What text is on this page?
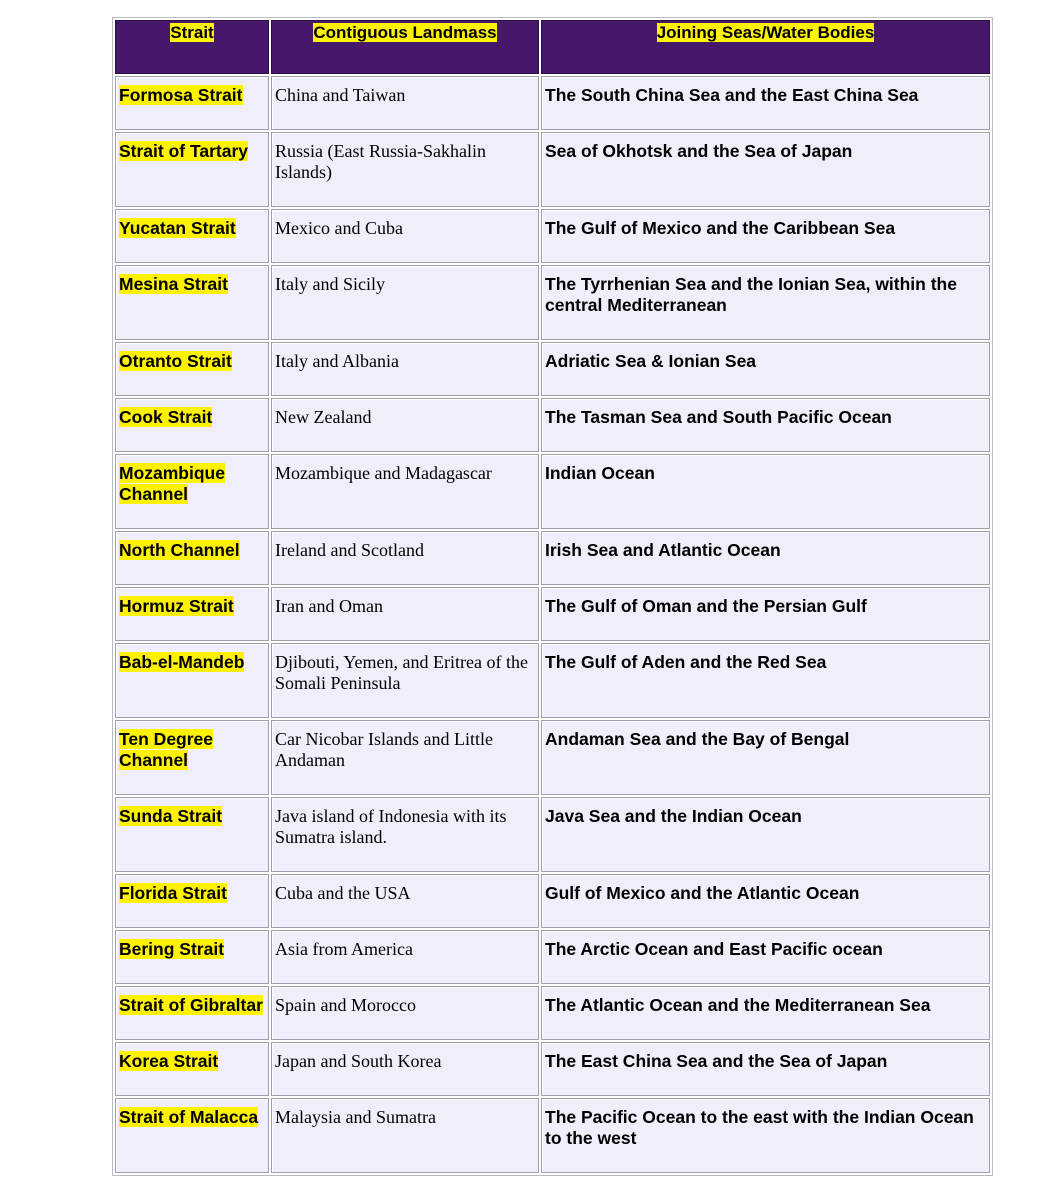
Strait	Contiguous Landmass	Joining Seas/Water Bodies
Formosa Strait	China and Taiwan	The South China Sea and the East China Sea
Strait of Tartary	Russia (East Russia-Sakhalin Islands)	Sea of Okhotsk and the Sea of Japan
Yucatan Strait	Mexico and Cuba	The Gulf of Mexico and the Caribbean Sea
Mesina Strait	Italy and Sicily	The Tyrrhenian Sea and the Ionian Sea, within the central Mediterranean
Otranto Strait	Italy and Albania	Adriatic Sea & Ionian Sea
Cook Strait	New Zealand	The Tasman Sea and South Pacific Ocean
Mozambique Channel	Mozambique and Madagascar	Indian Ocean
North Channel	Ireland and Scotland	Irish Sea and Atlantic Ocean
Hormuz Strait	Iran and Oman	The Gulf of Oman and the Persian Gulf
Bab-el-Mandeb	Djibouti, Yemen, and Eritrea of the Somali Peninsula	The Gulf of Aden and the Red Sea
Ten Degree Channel	Car Nicobar Islands and Little Andaman	Andaman Sea and the Bay of Bengal
Sunda Strait	Java island of Indonesia with its Sumatra island.	Java Sea and the Indian Ocean
Florida Strait	Cuba and the USA	Gulf of Mexico and the Atlantic Ocean
Bering Strait	Asia from America	The Arctic Ocean and East Pacific ocean
Strait of Gibraltar	Spain and Morocco	The Atlantic Ocean and the Mediterranean Sea
Korea Strait	Japan and South Korea	The East China Sea and the Sea of Japan
Strait of Malacca	Malaysia and Sumatra	The Pacific Ocean to the east with the Indian Ocean to the west
